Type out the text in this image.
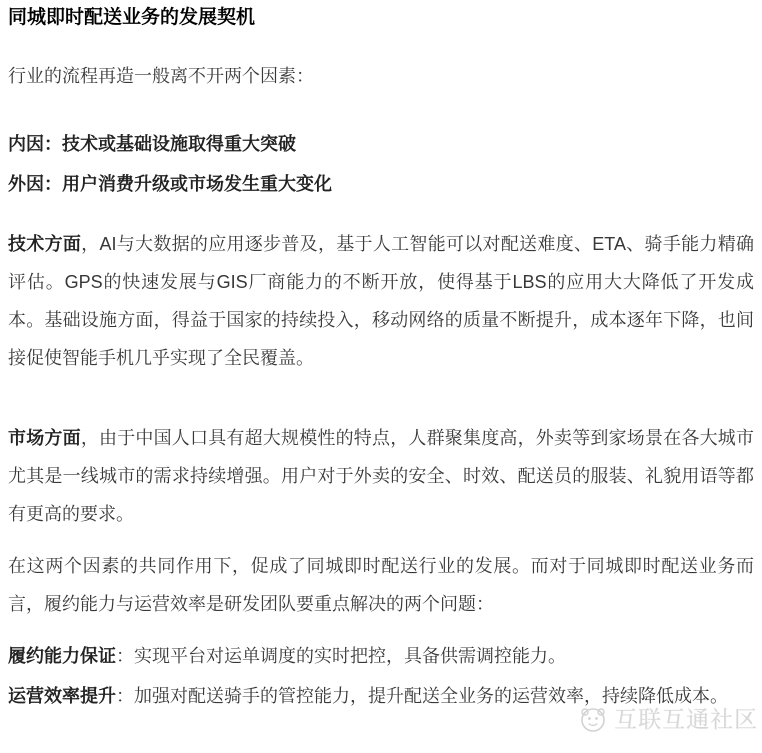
同城即时配送业务的发展契机

行业的流程再造一般离不开两个因素：

内因：技术或基础设施取得重大突破

外因：用户消费升级或市场发生重大变化

技术方面，AI与大数据的应用逐步普及，基于人工智能可以对配送难度、ETA、骑手能力精确评估。GPS的快速发展与GIS厂商能力的不断开放，使得基于LBS的应用大大降低了开发成本。基础设施方面，得益于国家的持续投入，移动网络的质量不断提升，成本逐年下降，也间接促使智能手机几乎实现了全民覆盖。

市场方面，由于中国人口具有超大规模性的特点，人群聚集度高，外卖等到家场景在各大城市尤其是一线城市的需求持续增强。用户对于外卖的安全、时效、配送员的服装、礼貌用语等都有更高的要求。

在这两个因素的共同作用下，促成了同城即时配送行业的发展。而对于同城即时配送业务而言，履约能力与运营效率是研发团队要重点解决的两个问题：

履约能力保证：实现平台对运单调度的实时把控，具备供需调控能力。

运营效率提升：加强对配送骑手的管控能力，提升配送全业务的运营效率，持续降低成本。

互联互通社区
